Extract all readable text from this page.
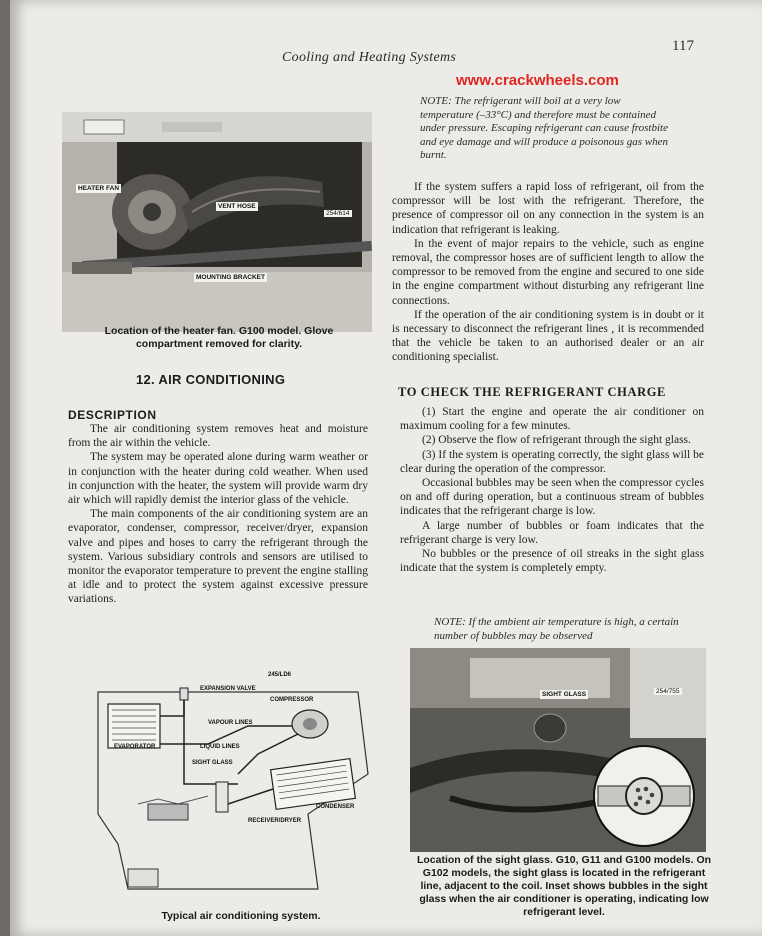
Cooling and Heating Systems
117
www.crackwheels.com
HEATER FAN
VENT HOSE
MOUNTING BRACKET
254/614
Location of the heater fan. G100 model. Glove compartment removed for clarity.
12. AIR CONDITIONING
DESCRIPTION

The air conditioning system removes heat and moisture from the air within the vehicle.

The system may be operated alone during warm weather or in conjunction with the heater during cold weather. When used in conjunction with the heater, the system will provide warm dry air which will rapidly demist the interior glass of the vehicle.

The main components of the air conditioning system are an evaporator, condenser, compressor, receiver/dryer, expansion valve and pipes and hoses to carry the refrigerant through the system. Various subsidiary controls and sensors are utilised to monitor the evaporator temperature to prevent the engine stalling at idle and to protect the system against excessive pressure variations.

245/LD6
EXPANSION VALVE
COMPRESSOR
VAPOUR LINES
EVAPORATOR	LIQUID LINES
SIGHT GLASS
CONDENSER
RECEIVER/DRYER
Typical air conditioning system.
NOTE: The refrigerant will boil at a very low temperature (–33°C) and therefore must be contained under pressure. Escaping refrigerant can cause frostbite and eye damage and will produce a poisonous gas when burnt.

If the system suffers a rapid loss of refrigerant, oil from the compressor will be lost with the refrigerant. Therefore, the presence of compressor oil on any connection in the system is an indication that refrigerant is leaking.

In the event of major repairs to the vehicle, such as engine removal, the compressor hoses are of sufficient length to allow the compressor to be removed from the engine and secured to one side in the engine compartment without disturbing any refrigerant line connections.

If the operation of the air conditioning system is in doubt or it is necessary to disconnect the refrigerant lines , it is recommended that the vehicle be taken to an authorised dealer or an air conditioning specialist.

TO CHECK THE REFRIGERANT CHARGE

(1) Start the engine and operate the air conditioner on maximum cooling for a few minutes.

(2) Observe the flow of refrigerant through the sight glass.

(3) If the system is operating correctly, the sight glass will be clear during the operation of the compressor.

Occasional bubbles may be seen when the compressor cycles on and off during operation, but a continuous stream of bubbles indicates that the refrigerant charge is low.

A large number of bubbles or foam indicates that the refrigerant charge is very low.

No bubbles or the presence of oil streaks in the sight glass indicate that the system is completely empty.

NOTE: If the ambient air temperature is high, a certain number of bubbles may be observed
SIGHT GLASS	254/755
Location of the sight glass. G10, G11 and G100 models. On G102 models, the sight glass is located in the refrigerant line, adjacent to the coil. Inset shows bubbles in the sight glass when the air conditioner is operating, indicating low refrigerant level.
